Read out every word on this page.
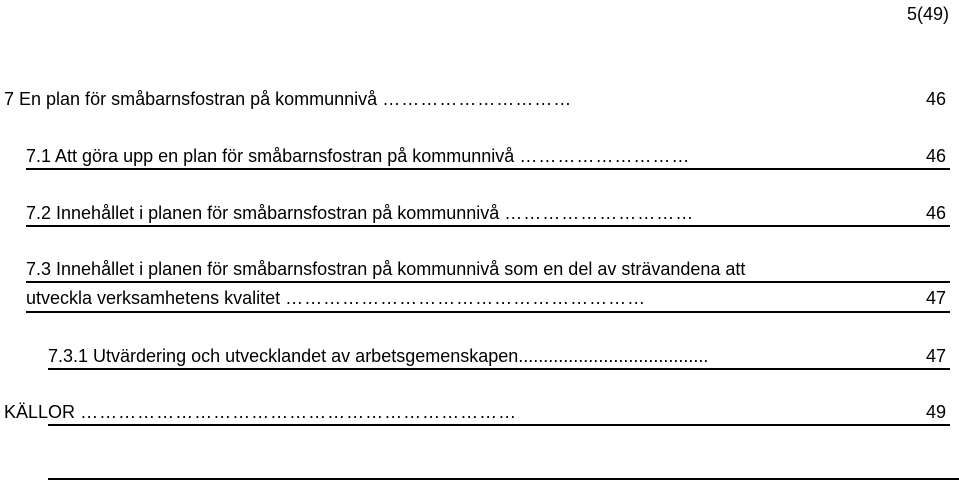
5(49)
7 En plan för småbarnsfostran på kommunnivå …………………………	46
7.1 Att göra upp en plan för småbarnsfostran på kommunnivå ………………………	46
7.2 Innehållet i planen för småbarnsfostran på kommunnivå …………………………	46
7.3 Innehållet i planen för småbarnsfostran på kommunnivå som en del av strävandena att
utveckla verksamhetens kvalitet …………………………………………………	47
7.3.1 Utvärdering och utvecklandet av arbetsgemenskapen......................................	47
KÄLLOR ……………………………………………………………	49
